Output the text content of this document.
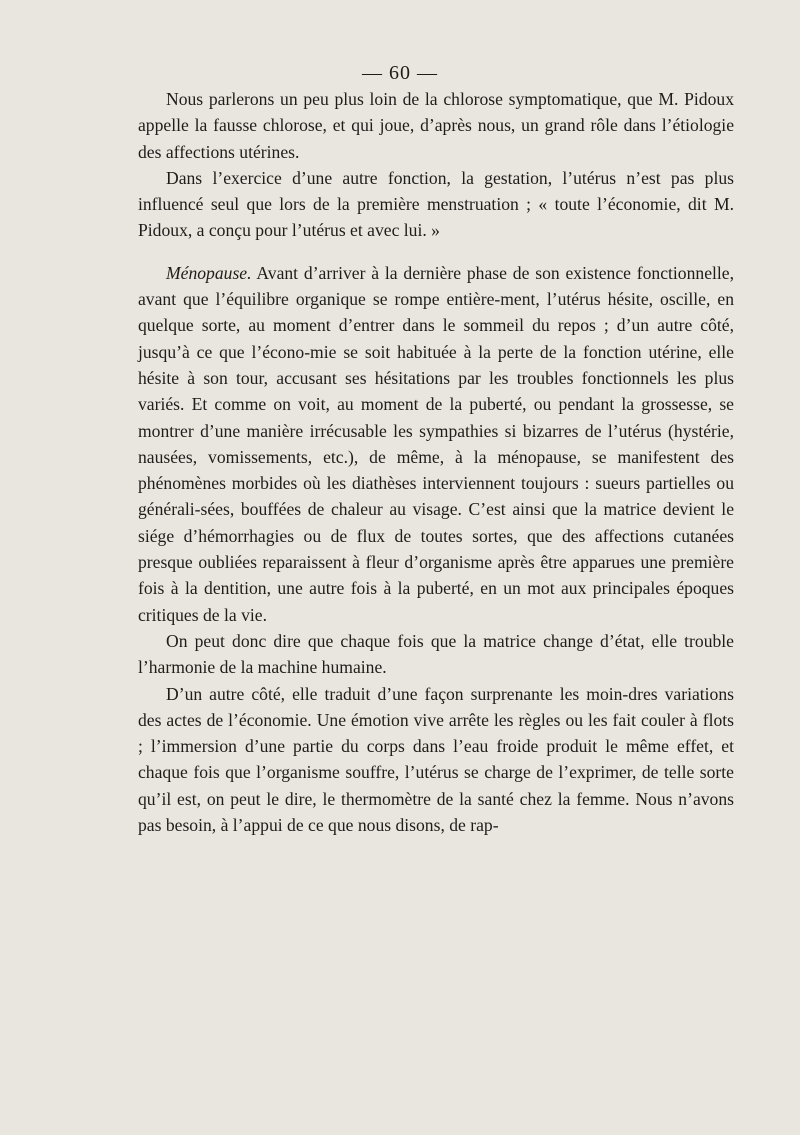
— 60 —

Nous parlerons un peu plus loin de la chlorose symptomatique, que M. Pidoux appelle la fausse chlorose, et qui joue, d’après nous, un grand rôle dans l’étiologie des affections utérines.

Dans l’exercice d’une autre fonction, la gestation, l’utérus n’est pas plus influencé seul que lors de la première menstruation ; « toute l’économie, dit M. Pidoux, a conçu pour l’utérus et avec lui. »

Ménopause. Avant d’arriver à la dernière phase de son existence fonctionnelle, avant que l’équilibre organique se rompe entière-ment, l’utérus hésite, oscille, en quelque sorte, au moment d’entrer dans le sommeil du repos ; d’un autre côté, jusqu’à ce que l’écono-mie se soit habituée à la perte de la fonction utérine, elle hésite à son tour, accusant ses hésitations par les troubles fonctionnels les plus variés. Et comme on voit, au moment de la puberté, ou pendant la grossesse, se montrer d’une manière irrécusable les sympathies si bizarres de l’utérus (hystérie, nausées, vomissements, etc.), de même, à la ménopause, se manifestent des phénomènes morbides où les diathèses interviennent toujours : sueurs partielles ou générali-sées, bouffées de chaleur au visage. C’est ainsi que la matrice devient le siége d’hémorrhagies ou de flux de toutes sortes, que des affections cutanées presque oubliées reparaissent à fleur d’organisme après être apparues une première fois à la dentition, une autre fois à la puberté, en un mot aux principales époques critiques de la vie.

On peut donc dire que chaque fois que la matrice change d’état, elle trouble l’harmonie de la machine humaine.

D’un autre côté, elle traduit d’une façon surprenante les moin-dres variations des actes de l’économie. Une émotion vive arrête les règles ou les fait couler à flots ; l’immersion d’une partie du corps dans l’eau froide produit le même effet, et chaque fois que l’organisme souffre, l’utérus se charge de l’exprimer, de telle sorte qu’il est, on peut le dire, le thermomètre de la santé chez la femme. Nous n’avons pas besoin, à l’appui de ce que nous disons, de rap-
